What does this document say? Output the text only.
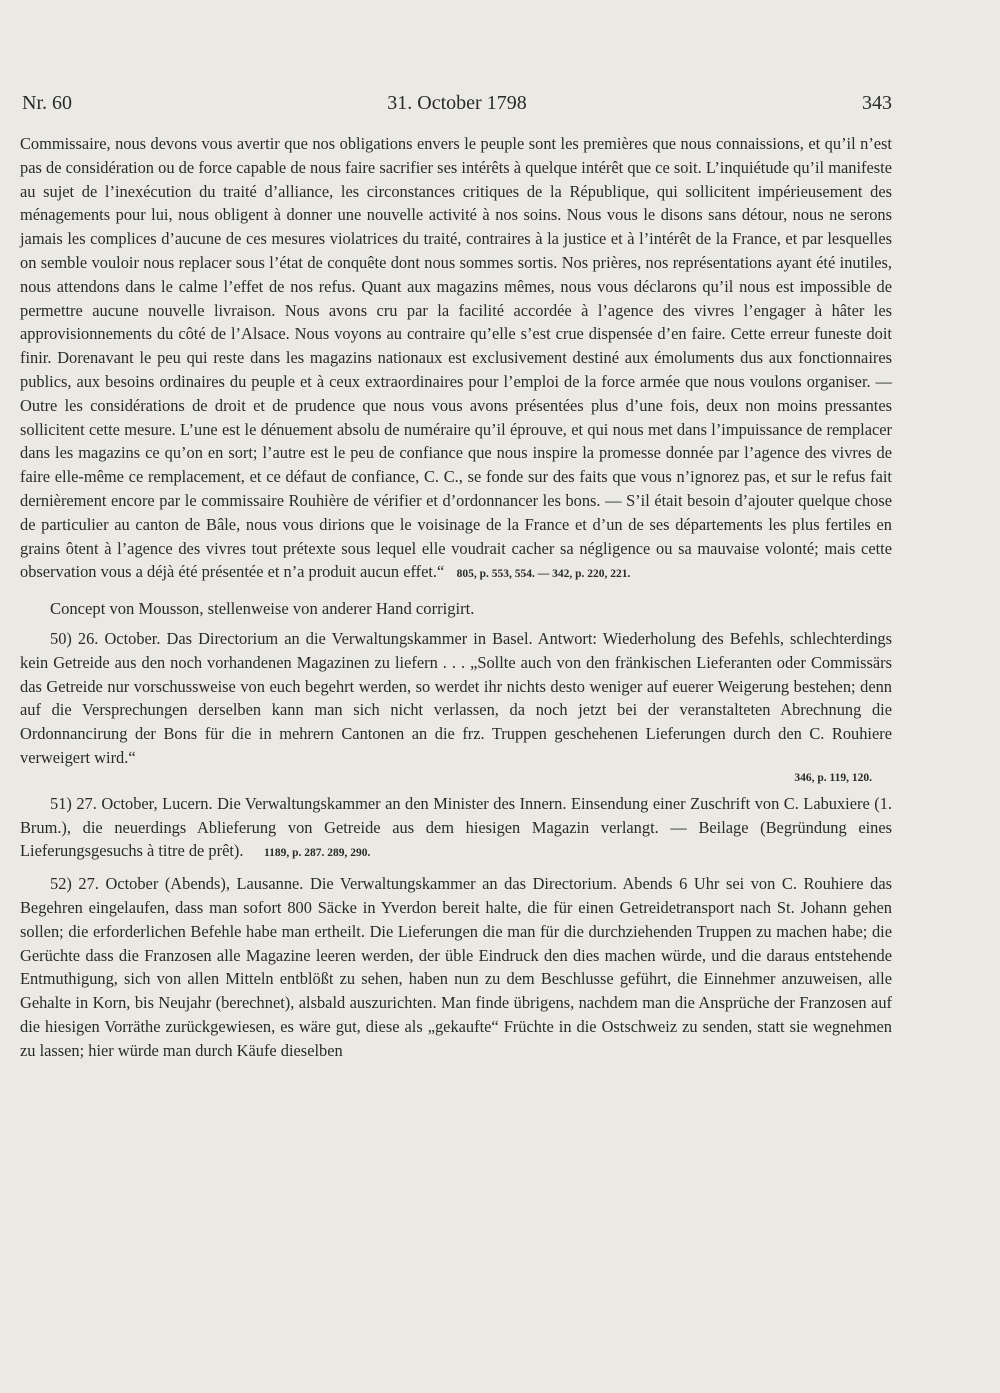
Nr. 60	31. October 1798	343

Commissaire, nous devons vous avertir que nos obligations envers le peuple sont les premières que nous connaissions, et qu’il n’est pas de considération ou de force capable de nous faire sacrifier ses intérêts à quelque intérêt que ce soit. L’inquiétude qu’il manifeste au sujet de l’inexécution du traité d’alliance, les circonstances critiques de la République, qui sollicitent impérieusement des ménagements pour lui, nous obligent à donner une nouvelle activité à nos soins. Nous vous le disons sans détour, nous ne serons jamais les complices d’aucune de ces mesures violatrices du traité, contraires à la justice et à l’intérêt de la France, et par lesquelles on semble vouloir nous replacer sous l’état de conquête dont nous sommes sortis. Nos prières, nos représentations ayant été inutiles, nous attendons dans le calme l’effet de nos refus. Quant aux magazins mêmes, nous vous déclarons qu’il nous est impossible de permettre aucune nouvelle livraison. Nous avons cru par la facilité accordée à l’agence des vivres l’engager à hâter les approvisionnements du côté de l’Alsace. Nous voyons au contraire qu’elle s’est crue dispensée d’en faire. Cette erreur funeste doit finir. Dorenavant le peu qui reste dans les magazins nationaux est exclusivement destiné aux émoluments dus aux fonctionnaires publics, aux besoins ordinaires du peuple et à ceux extraordinaires pour l’emploi de la force armée que nous voulons organiser. — Outre les considérations de droit et de prudence que nous vous avons présentées plus d’une fois, deux non moins pressantes sollicitent cette mesure. L’une est le dénuement absolu de numéraire qu’il éprouve, et qui nous met dans l’impuissance de remplacer dans les magazins ce qu’on en sort; l’autre est le peu de confiance que nous inspire la promesse donnée par l’agence des vivres de faire elle-même ce remplacement, et ce défaut de confiance, C. C., se fonde sur des faits que vous n’ignorez pas, et sur le refus fait dernièrement encore par le commissaire Rouhière de vérifier et d’ordonnancer les bons. — S’il était besoin d’ajouter quelque chose de particulier au canton de Bâle, nous vous dirions que le voisinage de la France et d’un de ses départements les plus fertiles en grains ôtent à l’agence des vivres tout prétexte sous lequel elle voudrait cacher sa négligence ou sa mauvaise volonté; mais cette observation vous a déjà été présentée et n’a produit aucun effet.“ 805, p. 553, 554. — 342, p. 220, 221.

Concept von Mousson, stellenweise von anderer Hand corrigirt.

50) 26. October. Das Directorium an die Verwaltungskammer in Basel. Antwort: Wiederholung des Befehls, schlechterdings kein Getreide aus den noch vorhandenen Magazinen zu liefern . . . „Sollte auch von den fränkischen Lieferanten oder Commissärs das Getreide nur vorschussweise von euch begehrt werden, so werdet ihr nichts desto weniger auf euerer Weigerung bestehen; denn auf die Versprechungen derselben kann man sich nicht verlassen, da noch jetzt bei der veranstalteten Abrechnung die Ordonnancirung der Bons für die in mehrern Cantonen an die frz. Truppen geschehenen Lieferungen durch den C. Rouhiere verweigert wird.“

346, p. 119, 120.

51) 27. October, Lucern. Die Verwaltungskammer an den Minister des Innern. Einsendung einer Zuschrift von C. Labuxiere (1. Brum.), die neuerdings Ablieferung von Getreide aus dem hiesigen Magazin verlangt. — Beilage (Begründung eines Lieferungsgesuchs à titre de prêt). 1189, p. 287. 289, 290.

52) 27. October (Abends), Lausanne. Die Verwaltungskammer an das Directorium. Abends 6 Uhr sei von C. Rouhiere das Begehren eingelaufen, dass man sofort 800 Säcke in Yverdon bereit halte, die für einen Getreidetransport nach St. Johann gehen sollen; die erforderlichen Befehle habe man ertheilt. Die Lieferungen die man für die durchziehenden Truppen zu machen habe; die Gerüchte dass die Franzosen alle Magazine leeren werden, der üble Eindruck den dies machen würde, und die daraus entstehende Entmuthigung, sich von allen Mitteln entblößt zu sehen, haben nun zu dem Beschlusse geführt, die Einnehmer anzuweisen, alle Gehalte in Korn, bis Neujahr (berechnet), alsbald auszurichten. Man finde übrigens, nachdem man die Ansprüche der Franzosen auf die hiesigen Vorräthe zurückgewiesen, es wäre gut, diese als „gekaufte“ Früchte in die Ostschweiz zu senden, statt sie wegnehmen zu lassen; hier würde man durch Käufe dieselben
